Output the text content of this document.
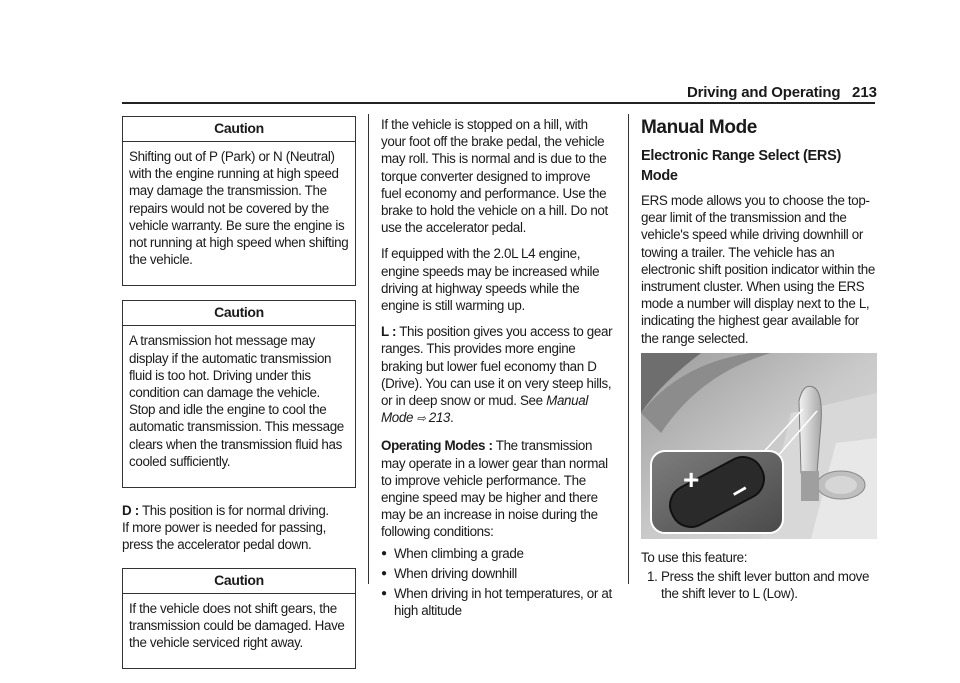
Driving and Operating 213
Caution

Shifting out of P (Park) or N (Neutral) with the engine running at high speed may damage the transmission. The repairs would not be covered by the vehicle warranty. Be sure the engine is not running at high speed when shifting the vehicle.

Caution

A transmission hot message may display if the automatic transmission fluid is too hot. Driving under this condition can damage the vehicle. Stop and idle the engine to cool the automatic transmission. This message clears when the transmission fluid has cooled sufficiently.

D : This position is for normal driving.

If more power is needed for passing, press the accelerator pedal down.

Caution

If the vehicle does not shift gears, the transmission could be damaged. Have the vehicle serviced right away.

If the vehicle is stopped on a hill, with your foot off the brake pedal, the vehicle may roll. This is normal and is due to the torque converter designed to improve fuel economy and performance. Use the brake to hold the vehicle on a hill. Do not use the accelerator pedal.

If equipped with the 2.0L L4 engine, engine speeds may be increased while driving at highway speeds while the engine is still warming up.

L : This position gives you access to gear ranges. This provides more engine braking but lower fuel economy than D (Drive). You can use it on very steep hills, or in deep snow or mud. See Manual Mode ⇨ 213.

Operating Modes : The transmission may operate in a lower gear than normal to improve vehicle performance. The engine speed may be higher and there may be an increase in noise during the following conditions:

● When climbing a grade
● When driving downhill
● When driving in hot temperatures, or at high altitude
Manual Mode
Electronic Range Select (ERS) Mode

ERS mode allows you to choose the top-gear limit of the transmission and the vehicle's speed while driving downhill or towing a trailer. The vehicle has an electronic shift position indicator within the instrument cluster. When using the ERS mode a number will display next to the L, indicating the highest gear available for the range selected.

+ –

To use this feature:

1. Press the shift lever button and move the shift lever to L (Low).
